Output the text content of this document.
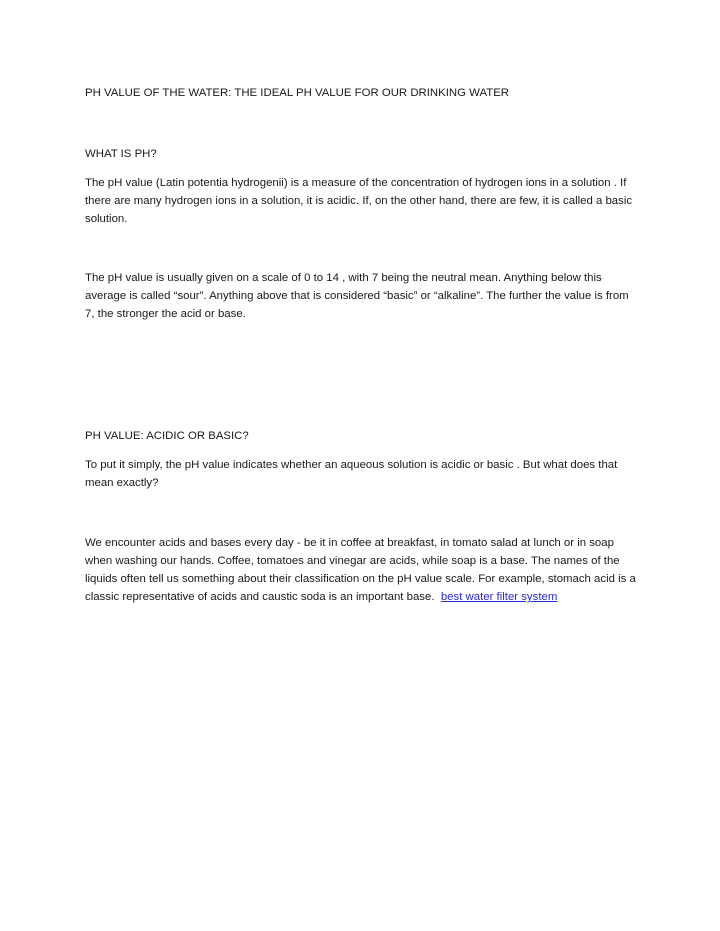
PH VALUE OF THE WATER: THE IDEAL PH VALUE FOR OUR DRINKING WATER

WHAT IS PH?

The pH value (Latin potentia hydrogenii) is a measure of the concentration of hydrogen ions in a solution . If there are many hydrogen ions in a solution, it is acidic. If, on the other hand, there are few, it is called a basic solution.

The pH value is usually given on a scale of 0 to 14 , with 7 being the neutral mean. Anything below this average is called “sour”. Anything above that is considered “basic” or “alkaline”. The further the value is from 7, the stronger the acid or base.

PH VALUE: ACIDIC OR BASIC?

To put it simply, the pH value indicates whether an aqueous solution is acidic or basic . But what does that mean exactly?

We encounter acids and bases every day - be it in coffee at breakfast, in tomato salad at lunch or in soap when washing our hands. Coffee, tomatoes and vinegar are acids, while soap is a base. The names of the liquids often tell us something about their classification on the pH value scale. For example, stomach acid is a classic representative of acids and caustic soda is an important base. best water filter system
